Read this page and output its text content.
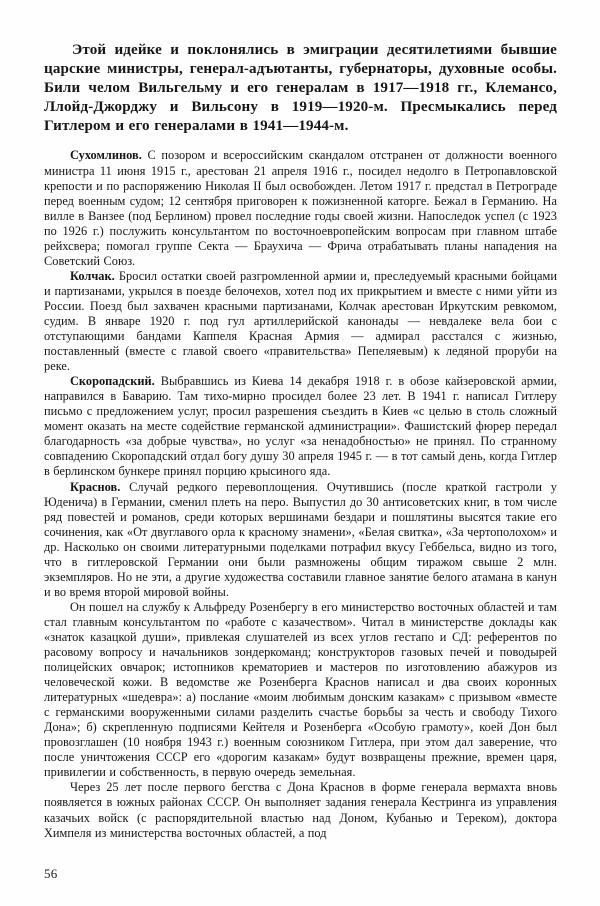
Этой идейке и поклонялись в эмиграции десятилетиями бывшие царские министры, генерал-адъютанты, губернаторы, духовные особы. Били челом Вильгельму и его генералам в 1917—1918 гг., Клемансо, Ллойд-Джорджу и Вильсону в 1919—1920-м. Пресмыкались перед Гитлером и его генералами в 1941—1944-м.

Сухомлинов. С позором и всероссийским скандалом отстранен от должности военного министра 11 июня 1915 г., арестован 21 апреля 1916 г., посидел недолго в Петропавловской крепости и по распоряжению Николая II был освобожден. Летом 1917 г. предстал в Петрограде перед военным судом; 12 сентября приговорен к пожизненной каторге. Бежал в Германию. На вилле в Ванзее (под Берлином) провел последние годы своей жизни. Напоследок успел (с 1923 по 1926 г.) послужить консультантом по восточноевропейским вопросам при главном штабе рейхсвера; помогал группе Секта — Браухича — Фрича отрабатывать планы нападения на Советский Союз.

Колчак. Бросил остатки своей разгромленной армии и, преследуемый красными бойцами и партизанами, укрылся в поезде белочехов, хотел под их прикрытием и вместе с ними уйти из России. Поезд был захвачен красными партизанами, Колчак арестован Иркутским ревкомом, судим. В январе 1920 г. под гул артиллерийской канонады — невдалеке вела бои с отступающими бандами Каппеля Красная Армия — адмирал расстался с жизнью, поставленный (вместе с главой своего «правительства» Пепеляевым) к ледяной проруби на реке.

Скоропадский. Выбравшись из Киева 14 декабря 1918 г. в обозе кайзеровской армии, направился в Баварию. Там тихо-мирно просидел более 23 лет. В 1941 г. написал Гитлеру письмо с предложением услуг, просил разрешения съездить в Киев «с целью в столь сложный момент оказать на месте содействие германской администрации». Фашистский фюрер передал благодарность «за добрые чувства», но услуг «за ненадобностью» не принял. По странному совпадению Скоропадский отдал богу душу 30 апреля 1945 г. — в тот самый день, когда Гитлер в берлинском бункере принял порцию крысиного яда.

Краснов. Случай редкого перевоплощения. Очутившись (после краткой гастроли у Юденича) в Германии, сменил плеть на перо. Выпустил до 30 антисоветских книг, в том числе ряд повестей и романов, среди которых вершинами бездари и пошлятины высятся такие его сочинения, как «От двуглавого орла к красному знамени», «Белая свитка», «За чертополохом» и др. Насколько он своими литературными поделками потрафил вкусу Геббельса, видно из того, что в гитлеровской Германии они были размножены общим тиражом свыше 2 млн. экземпляров. Но не эти, а другие художества составили главное занятие белого атамана в канун и во время второй мировой войны.

Он пошел на службу к Альфреду Розенбергу в его министерство восточных областей и там стал главным консультантом по «работе с казачеством». Читал в министерстве доклады как «знаток казацкой души», привлекая слушателей из всех углов гестапо и СД: референтов по расовому вопросу и начальников зондеркоманд; конструкторов газовых печей и поводырей полицейских овчарок; истопников крематориев и мастеров по изготовлению абажуров из человеческой кожи. В ведомстве же Розенберга Краснов написал и два своих коронных литературных «шедевра»: а) послание «моим любимым донским казакам» с призывом «вместе с германскими вооруженными силами разделить счастье борьбы за честь и свободу Тихого Дона»; б) скрепленную подписями Кейтеля и Розенберга «Особую грамоту», коей Дон был провозглашен (10 ноября 1943 г.) военным союзником Гитлера, при этом дал заверение, что после уничтожения СССР его «дорогим казакам» будут возвращены прежние, времен царя, привилегии и собственность, в первую очередь земельная.

Через 25 лет после первого бегства с Дона Краснов в форме генерала вермахта вновь появляется в южных районах СССР. Он выполняет задания генерала Кестринга из управления казачьих войск (с распорядительной властью над Доном, Кубанью и Тереком), доктора Химпеля из министерства восточных областей, а под

56
